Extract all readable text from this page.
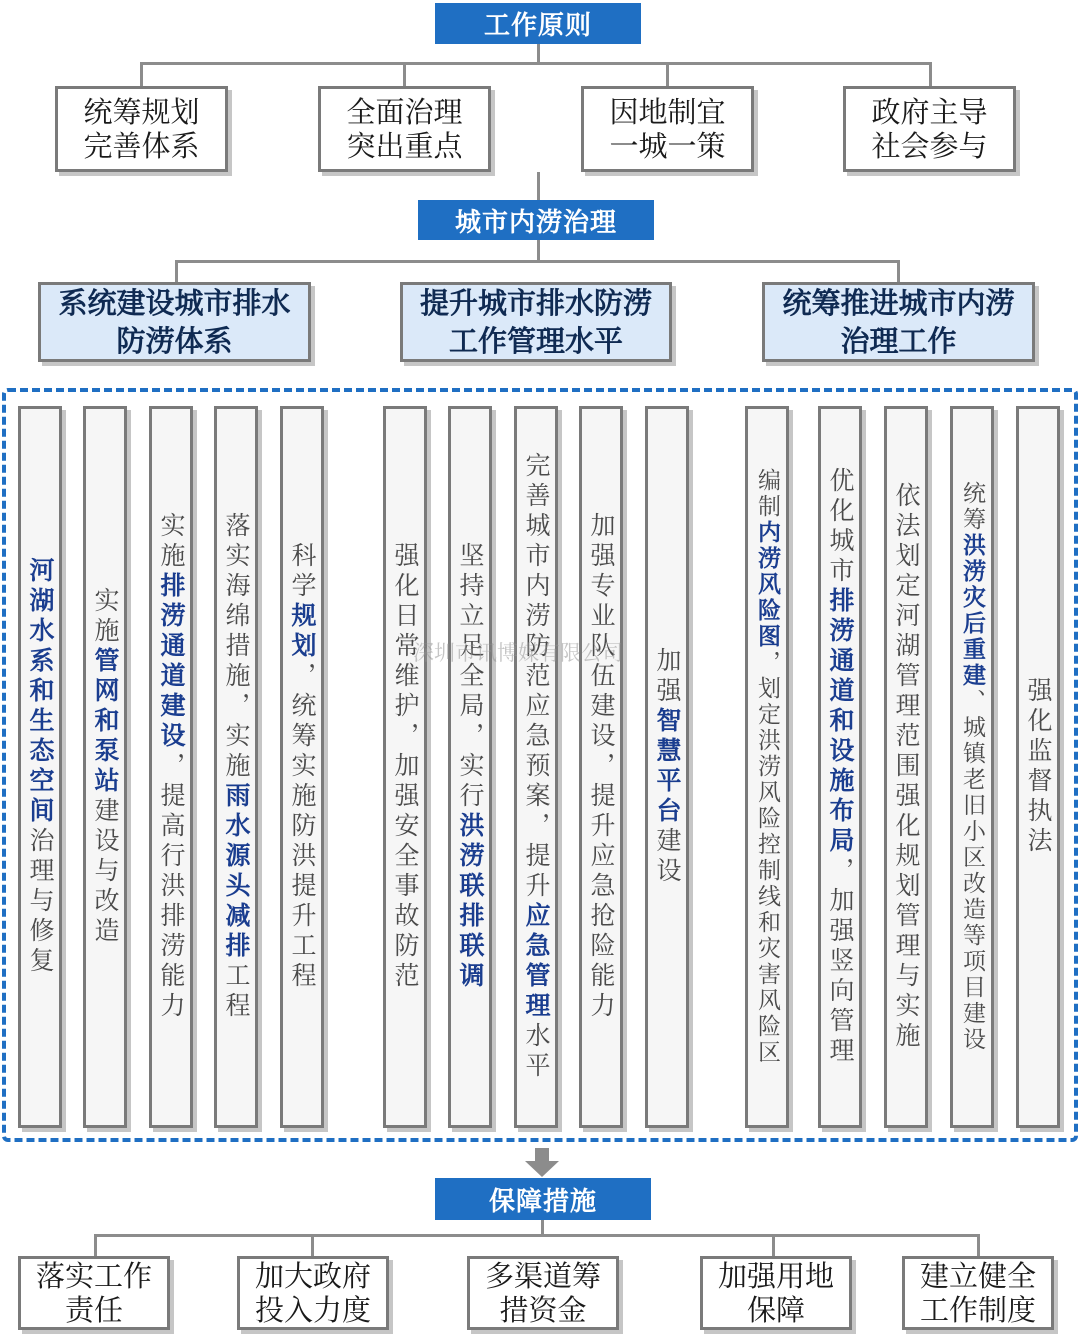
工作原则
统筹规划
完善体系
全面治理
突出重点
因地制宜
一城一策
政府主导
社会参与
城市内涝治理
系统建设城市排水
防涝体系
提升城市排水防涝
工作管理水平
统筹推进城市内涝
治理工作
河湖水系和生态空间治理与修复
实施管网和泵站建设与改造
实施排涝通道建设，提高行洪排涝能力
落实海绵措施，实施雨水源头减排工程
科学规划，统筹实施防洪提升工程	强化日常维护，加强安全事故防范 坚持立足全局，实行洪涝联排联调 完善城市内涝防范应急预案，提升应急管理水平
加强专业队伍建设，提升应急抢险能力 加强智慧平台建设
编制内涝风险图，划定洪涝风险控制线和灾害风险区
优化城市排涝通道和设施布局，加强竖向管理 依法划定河湖管理范围强化规划管理与实施 统筹洪涝灾后重建、城镇老旧小区改造等项目建设 强化监督执法
深圳市讯博媒有限公司
保障措施
落实工作
责任
加大政府
投入力度
多渠道筹
措资金
加强用地
保障
建立健全
工作制度
